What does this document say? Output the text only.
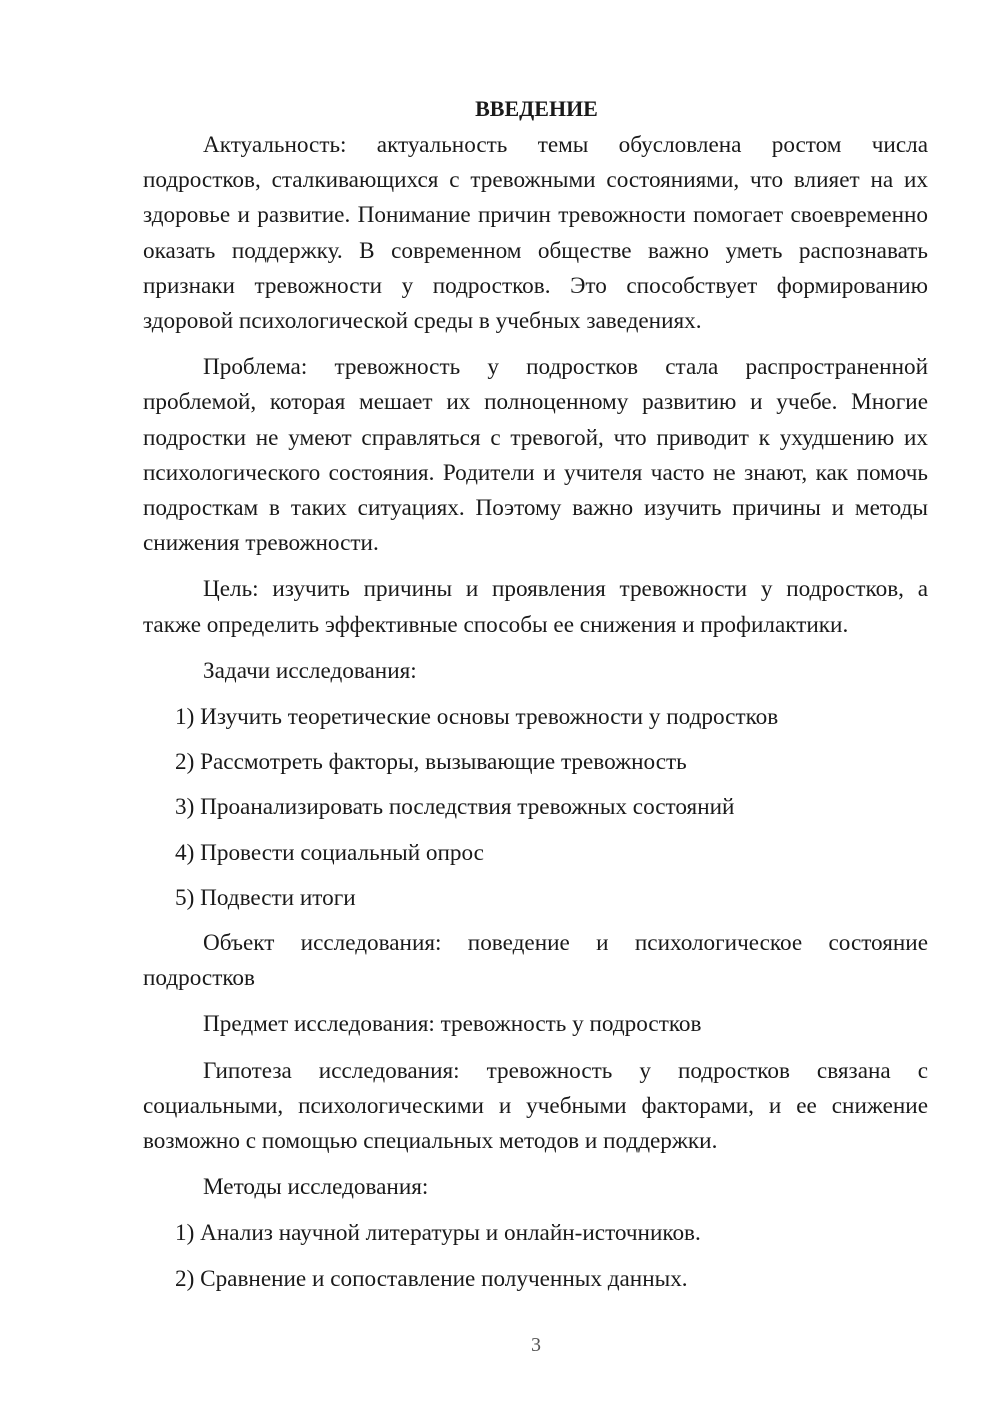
ВВЕДЕНИЕ

Актуальность: актуальность темы обусловлена ростом числа подростков, сталкивающихся с тревожными состояниями, что влияет на их здоровье и развитие. Понимание причин тревожности помогает своевременно оказать поддержку. В современном обществе важно уметь распознавать признаки тревожности у подростков. Это способствует формированию здоровой психологической среды в учебных заведениях.

Проблема: тревожность у подростков стала распространенной проблемой, которая мешает их полноценному развитию и учебе. Многие подростки не умеют справляться с тревогой, что приводит к ухудшению их психологического состояния. Родители и учителя часто не знают, как помочь подросткам в таких ситуациях. Поэтому важно изучить причины и методы снижения тревожности.

Цель: изучить причины и проявления тревожности у подростков, а также определить эффективные способы ее снижения и профилактики.

Задачи исследования:

1) Изучить теоретические основы тревожности у подростков

2) Рассмотреть факторы, вызывающие тревожность

3) Проанализировать последствия тревожных состояний

4) Провести социальный опрос

5) Подвести итоги

Объект исследования: поведение и психологическое состояние подростков

Предмет исследования: тревожность у подростков

Гипотеза исследования: тревожность у подростков связана с социальными, психологическими и учебными факторами, и ее снижение возможно с помощью специальных методов и поддержки.

Методы исследования:

1) Анализ научной литературы и онлайн-источников.

2) Сравнение и сопоставление полученных данных.

3
